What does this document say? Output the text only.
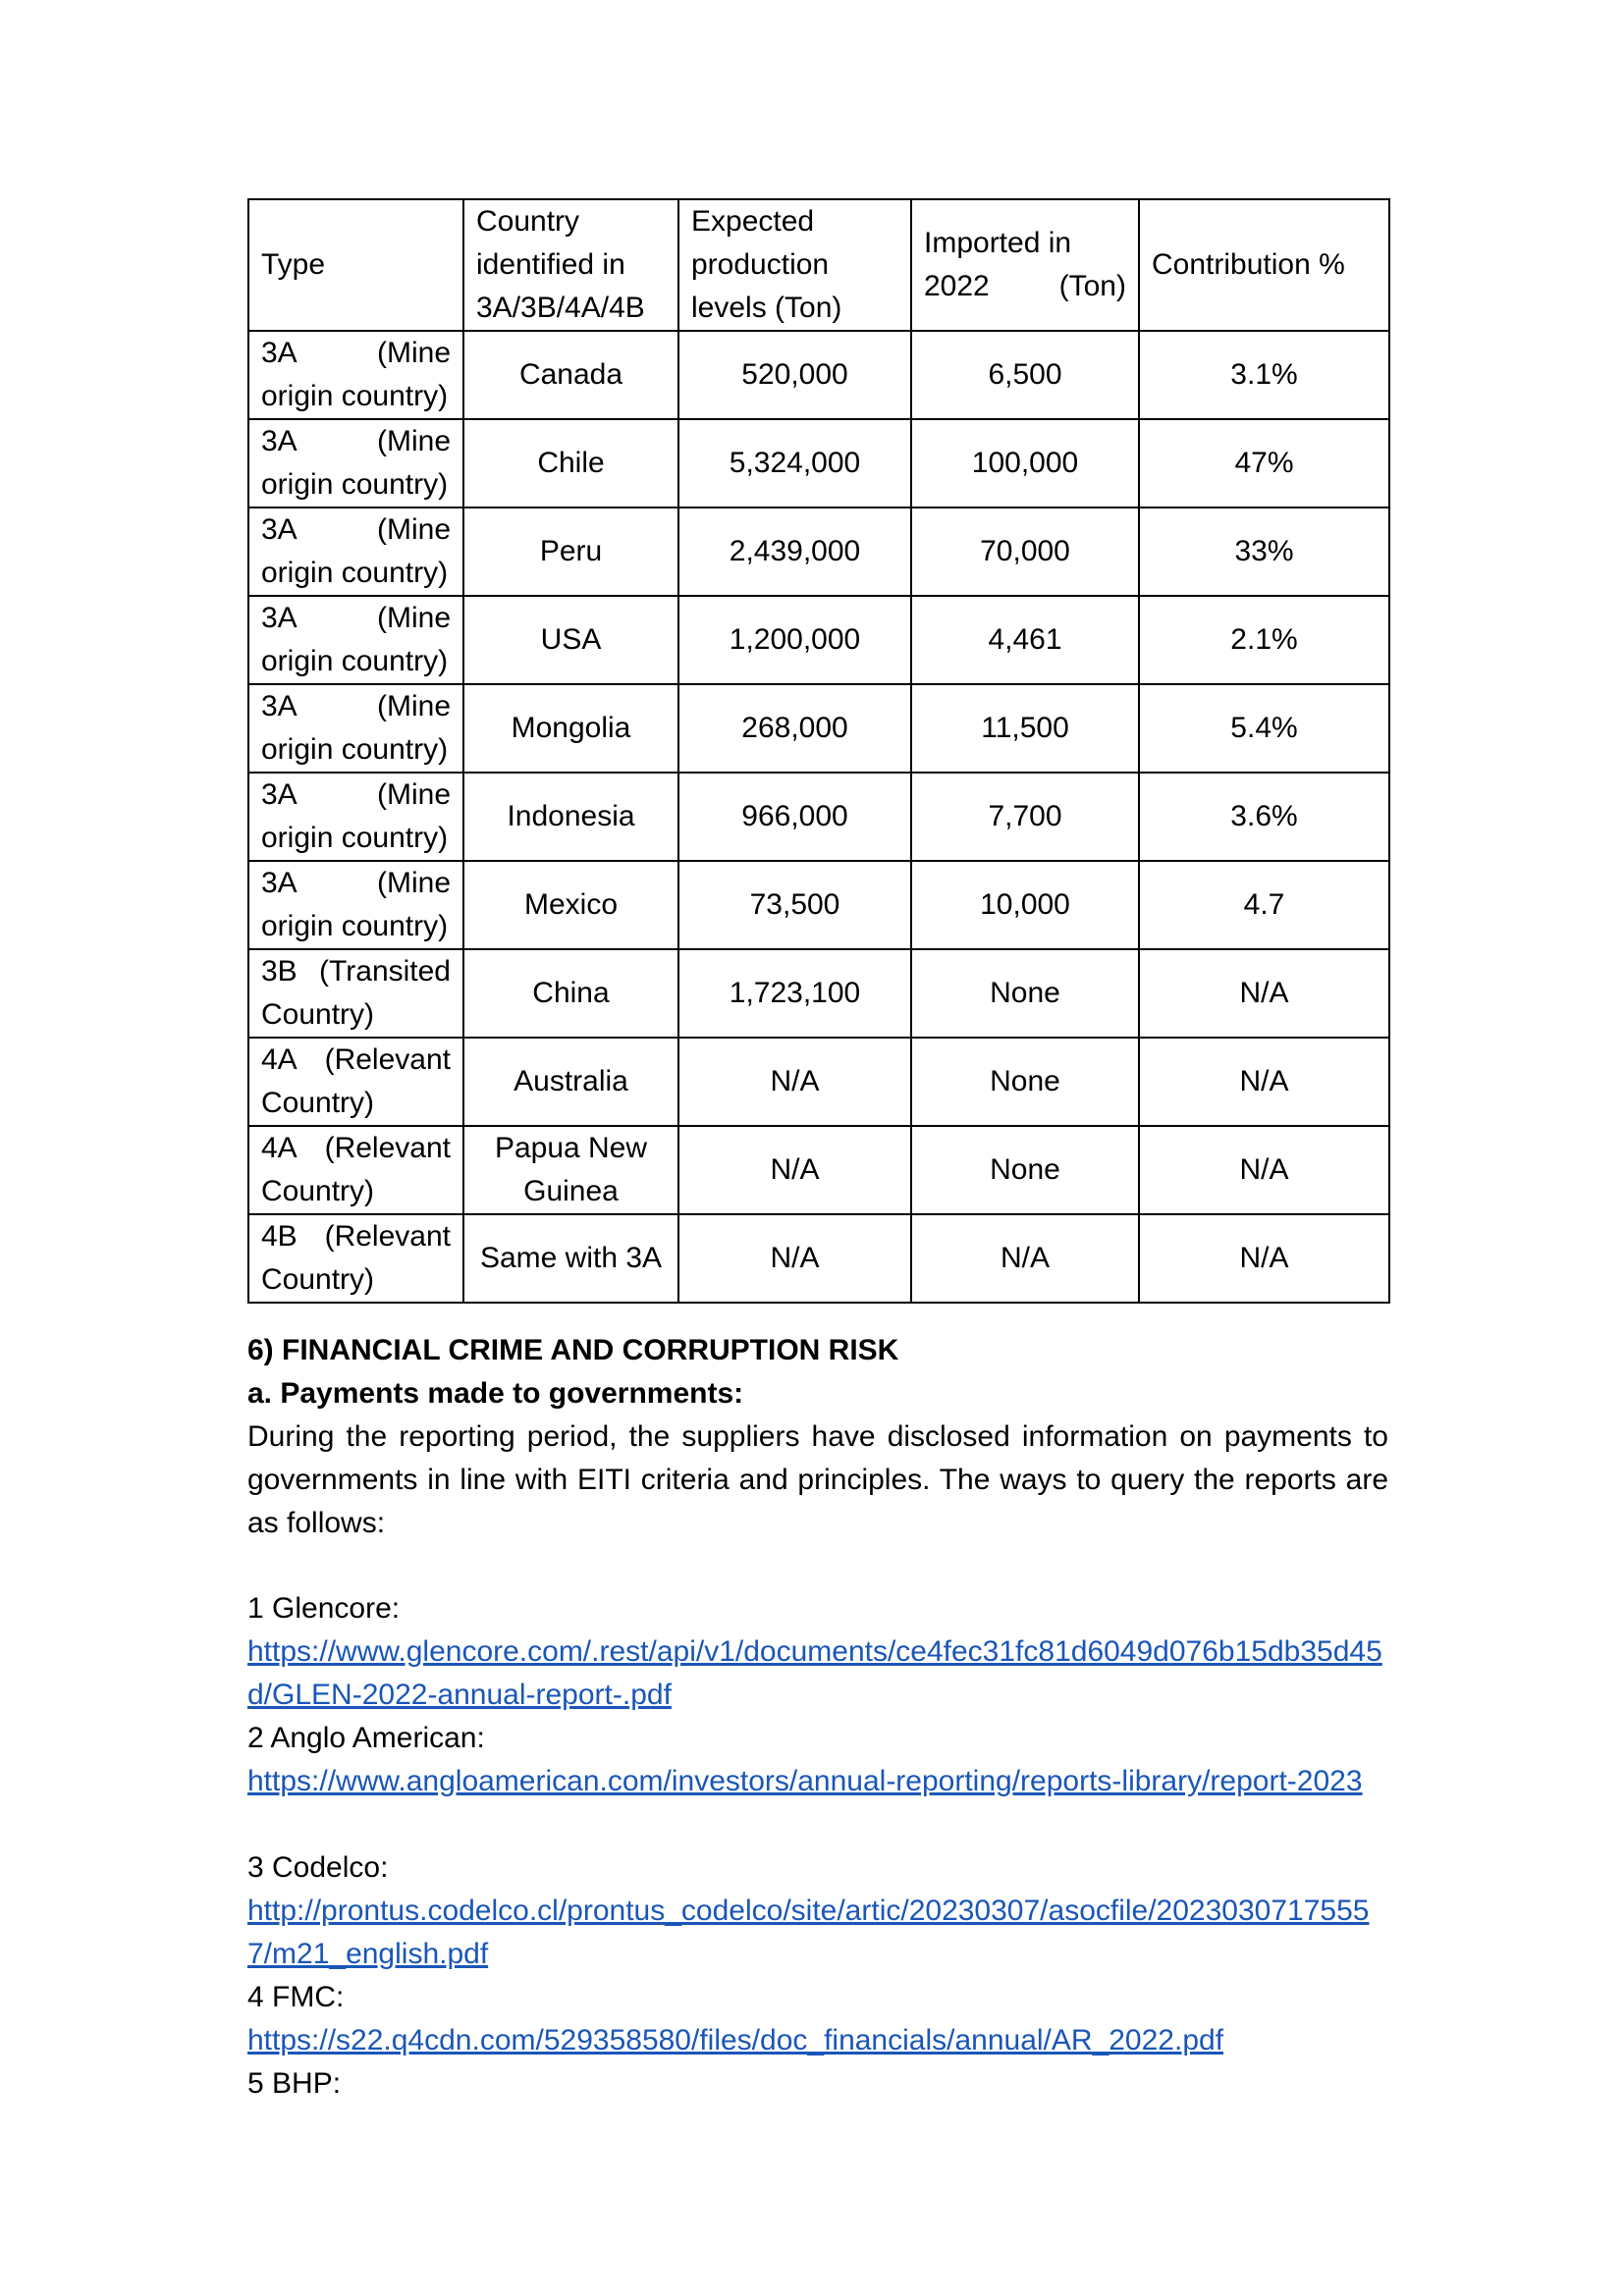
Type	Country identified in 3A/3B/4A/4B	Expected production levels (Ton)	Imported in 2022 (Ton)	Contribution %
3A (Mine origin country)	Canada	520,000	6,500	3.1%
3A (Mine origin country)	Chile	5,324,000	100,000	47%
3A (Mine origin country)	Peru	2,439,000	70,000	33%
3A (Mine origin country)	USA	1,200,000	4,461	2.1%
3A (Mine origin country)	Mongolia	268,000	11,500	5.4%
3A (Mine origin country)	Indonesia	966,000	7,700	3.6%
3A (Mine origin country)	Mexico	73,500	10,000	4.7
3B (Transited Country)	China	1,723,100	None	N/A
4A (Relevant Country)	Australia	N/A	None	N/A
4A (Relevant Country)	Papua New Guinea	N/A	None	N/A
4B (Relevant Country)	Same with 3A	N/A	N/A	N/A
6) FINANCIAL CRIME AND CORRUPTION RISK
a. Payments made to governments:
During the reporting period, the suppliers have disclosed information on payments to governments in line with EITI criteria and principles. The ways to query the reports are as follows:
1 Glencore:
https://www.glencore.com/.rest/api/v1/documents/ce4fec31fc81d6049d076b15db35d45d/GLEN-2022-annual-report-.pdf
2 Anglo American:
https://www.angloamerican.com/investors/annual-reporting/reports-library/report-2023
3 Codelco:
http://prontus.codelco.cl/prontus_codelco/site/artic/20230307/asocfile/20230307175557/m21_english.pdf
4 FMC:
https://s22.q4cdn.com/529358580/files/doc_financials/annual/AR_2022.pdf
5 BHP:
